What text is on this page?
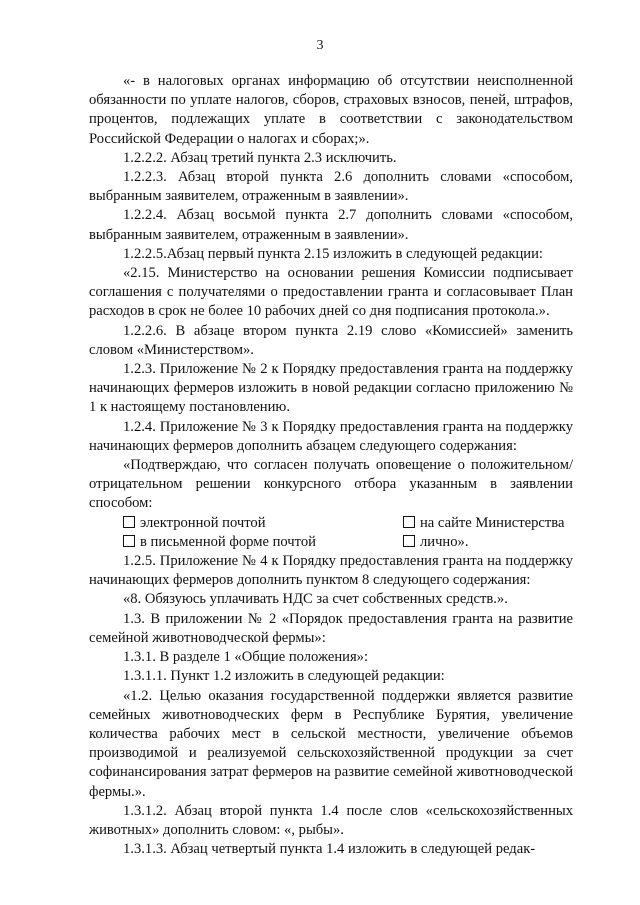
3

«- в налоговых органах информацию об отсутствии неисполненной обязанности по уплате налогов, сборов, страховых взносов, пеней, штрафов, процентов, подлежащих уплате в соответствии с законодательством Российской Федерации о налогах и сборах;».

1.2.2.2. Абзац третий пункта 2.3 исключить.

1.2.2.3. Абзац второй пункта 2.6 дополнить словами «способом, выбранным заявителем, отраженным в заявлении».

1.2.2.4. Абзац восьмой пункта 2.7 дополнить словами «способом, выбранным заявителем, отраженным в заявлении».

1.2.2.5.Абзац первый пункта 2.15 изложить в следующей редакции:

«2.15. Министерство на основании решения Комиссии подписывает соглашения с получателями о предоставлении гранта и согласовывает План расходов в срок не более 10 рабочих дней со дня подписания протокола.».

1.2.2.6. В абзаце втором пункта 2.19 слово «Комиссией» заменить словом «Министерством».

1.2.3. Приложение № 2 к Порядку предоставления гранта на поддержку начинающих фермеров изложить в новой редакции согласно приложению № 1 к настоящему постановлению.

1.2.4. Приложение № 3 к Порядку предоставления гранта на поддержку начинающих фермеров дополнить абзацем следующего содержания:

«Подтверждаю, что согласен получать оповещение о положительном/отрицательном решении конкурсного отбора указанным в заявлении способом:

электронной почтой	на сайте Министерства
в письменной форме почтой	лично».

1.2.5. Приложение № 4 к Порядку предоставления гранта на поддержку начинающих фермеров дополнить пунктом 8 следующего содержания:

«8. Обязуюсь уплачивать НДС за счет собственных средств.».

1.3. В приложении № 2 «Порядок предоставления гранта на развитие семейной животноводческой фермы»:

1.3.1. В разделе 1 «Общие положения»:

1.3.1.1. Пункт 1.2 изложить в следующей редакции:

«1.2. Целью оказания государственной поддержки является развитие семейных животноводческих ферм в Республике Бурятия, увеличение количества рабочих мест в сельской местности, увеличение объемов производимой и реализуемой сельскохозяйственной продукции за счет софинансирования затрат фермеров на развитие семейной животноводческой фермы.».

1.3.1.2. Абзац второй пункта 1.4 после слов «сельскохозяйственных животных» дополнить словом: «, рыбы».

1.3.1.3. Абзац четвертый пункта 1.4 изложить в следующей редак-
